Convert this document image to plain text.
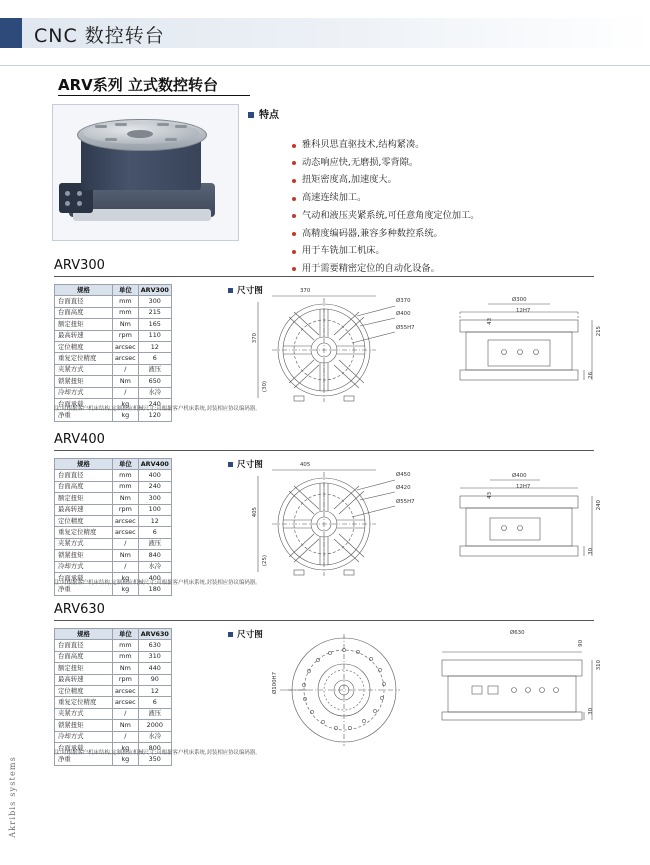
CNC 数控转台
Akribis systems
ARV系列 立式数控转台
特点
雅科贝思直驱技术,结构紧凑。
动态响应快,无磨损,零背隙。
扭矩密度高,加速度大。
高速连续加工。
气动和液压夹紧系统,可任意角度定位加工。
高精度编码器,兼容多种数控系统。
用于车铣加工机床。
用于需要精密定位的自动化设备。
ARV300
规格	单位	ARV300
台面直径	mm	300
台面高度	mm	215
额定扭矩	Nm	165
最高转速	rpm	110
定位精度	arcsec	12
重复定位精度	arcsec	6
夹紧方式	/	液压
锁紧扭矩	Nm	650
冷却方式	/	水冷
台面承载	kg	240
净重	kg	120
注:可根据客户机床结构,定制相应机械尺寸;可根据客户机床系统,封装相应协议编码器。
尺寸图	370
370
(30)
Ø370
Ø400
Ø55H7
Ø300
12H7
215
26
43
ARV400
规格	单位	ARV400
台面直径	mm	400
台面高度	mm	240
额定扭矩	Nm	300
最高转速	rpm	100
定位精度	arcsec	12
重复定位精度	arcsec	6
夹紧方式	/	液压
锁紧扭矩	Nm	840
冷却方式	/	水冷
台面承载	kg	400
净重	kg	180
注:可根据客户机床结构,定制相应机械尺寸;可根据客户机床系统,封装相应协议编码器。
尺寸图	405
405
(25)
Ø450
Ø420
Ø55H7
Ø400
12H7
240
30
43
ARV630
规格	单位	ARV630
台面直径	mm	630
台面高度	mm	310
额定扭矩	Nm	440
最高转速	rpm	90
定位精度	arcsec	12
重复定位精度	arcsec	6
夹紧方式	/	液压
锁紧扭矩	Nm	2000
冷却方式	/	水冷
台面承载	kg	800
净重	kg	350
注:可根据客户机床结构,定制相应机械尺寸;可根据客户机床系统,封装相应协议编码器。
尺寸图	Ø630
Ø100H7
310
30
90
